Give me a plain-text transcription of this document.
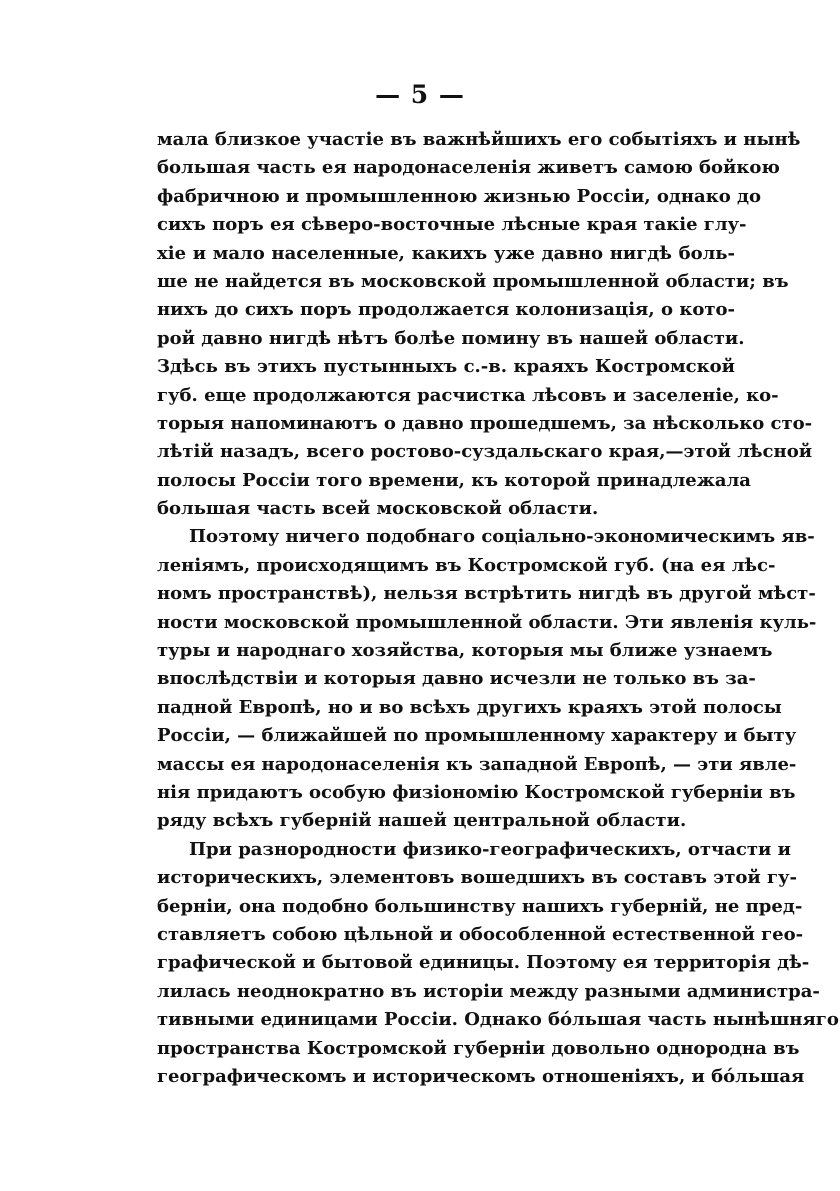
— 5 —
мала близкое участіе въ важнѣйшихъ его событіяхъ и нынѣ
большая часть ея народонаселенія живетъ самою бойкою
фабричною и промышленною жизнью Россіи, однако до
сихъ поръ ея сѣверо-восточные лѣсные края такіе глу-
хіе и мало населенные, какихъ уже давно нигдѣ боль-
ше не найдется въ московской промышленной области; въ
нихъ до сихъ поръ продолжается колонизація, о кото-
рой давно нигдѣ нѣтъ болѣе помину въ нашей области.
Здѣсь въ этихъ пустынныхъ с.-в. краяхъ Костромской
губ. еще продолжаются расчистка лѣсовъ и заселеніе, ко-
торыя напоминаютъ о давно прошедшемъ, за нѣсколько сто-
лѣтій назадъ, всего ростово-суздальскаго края,—этой лѣсной
полосы Россіи того времени, къ которой принадлежала
большая часть всей московской области.
Поэтому ничего подобнаго соціально-экономическимъ яв-
леніямъ, происходящимъ въ Костромской губ. (на ея лѣс-
номъ пространствѣ), нельзя встрѣтить нигдѣ въ другой мѣст-
ности московской промышленной области. Эти явленія куль-
туры и народнаго хозяйства, которыя мы ближе узнаемъ
впослѣдствіи и которыя давно исчезли не только въ за-
падной Европѣ, но и во всѣхъ другихъ краяхъ этой полосы
Россіи, — ближайшей по промышленному характеру и быту
массы ея народонаселенія къ западной Европѣ, — эти явле-
нія придаютъ особую физіономію Костромской губерніи въ
ряду всѣхъ губерній нашей центральной области.
При разнородности физико-географическихъ, отчасти и
историческихъ, элементовъ вошедшихъ въ составъ этой гу-
берніи, она подобно большинству нашихъ губерній, не пред-
ставляетъ собою цѣльной и обособленной естественной гео-
графической и бытовой единицы. Поэтому ея территорія дѣ-
лилась неоднократно въ исторіи между разными администра-
тивными единицами Россіи. Однако бо́льшая часть нынѣшняго
пространства Костромской губерніи довольно однородна въ
географическомъ и историческомъ отношеніяхъ, и бо́льшая
